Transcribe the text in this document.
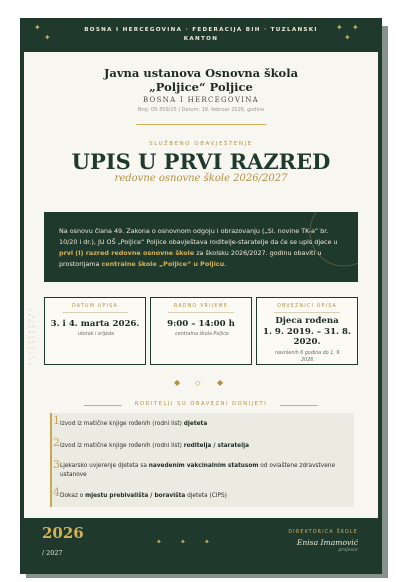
✦
✦
BOSNA I HERCEGOVINA · FEDERACIJA BIH · TUZLANSKI KANTON
✦ ✦
✦
Javna ustanova Osnovna škola
„Poljice“ Poljice
BOSNA I HERCEGOVINA
Broj: 05-359/25 | Datum: 18. februar 2026. godine
SLUŽBENO OBAVJEŠTENJE
UPIS U PRVI RAZRED
redovne osnovne škole 2026/2027
Na osnovu člana 49. Zakona o osnovnom odgoju i obrazovanju („Sl. novine TK-a“ br. 10/20 i dr.), JU OŠ „Poljice“ Poljice obavještava roditelje-staratelje da će se upis djece u prvi (I) razred redovne osnovne škole za školsku 2026/2027. godinu obaviti u prostorijama centralne škole „Poljice“ u Poljicu.
S L U Ž B E N O O B A V J E Š T E N J E
DATUM UPISA
3. i 4. marta 2026.
utorak i srijeda
RADNO VRIJEME
9:00 – 14:00 h
centralna škola Poljice
OBVEZNICI UPISA
Djeca rođena
1. 9. 2019. – 31. 8.
2020.
navršenih 6 godina do 1. 9.
2026.
◆ ◇ ◆
RODITELJI SU OBAVEZNI DONIJETI
1 Izvod iz matične knjige rođenih (rodni list) djeteta
2 Izvod iz matične knjige rođenih (rodni list) roditelja / staratelja
3 Ljekarsko uvjerenje djeteta sa navedenim vakcinalnim statusom od ovlaštene zdravstvene ustanove
4 Dokaz o mjestu prebivališta / boravišta djeteta (CIPS)
2026
/ 2027
✦	✦	✦
DIREKTORICA ŠKOLE
Enisa Imamović
profesor
